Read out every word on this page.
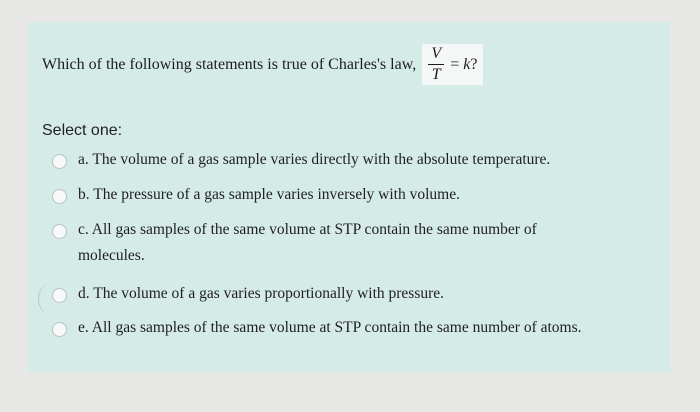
Which of the following statements is true of Charles's law, $\frac{V}{T} = k$?
Select one:
a. The volume of a gas sample varies directly with the absolute temperature.
b. The pressure of a gas sample varies inversely with volume.
c. All gas samples of the same volume at STP contain the same number of molecules.
d. The volume of a gas varies proportionally with pressure.
e. All gas samples of the same volume at STP contain the same number of atoms.
